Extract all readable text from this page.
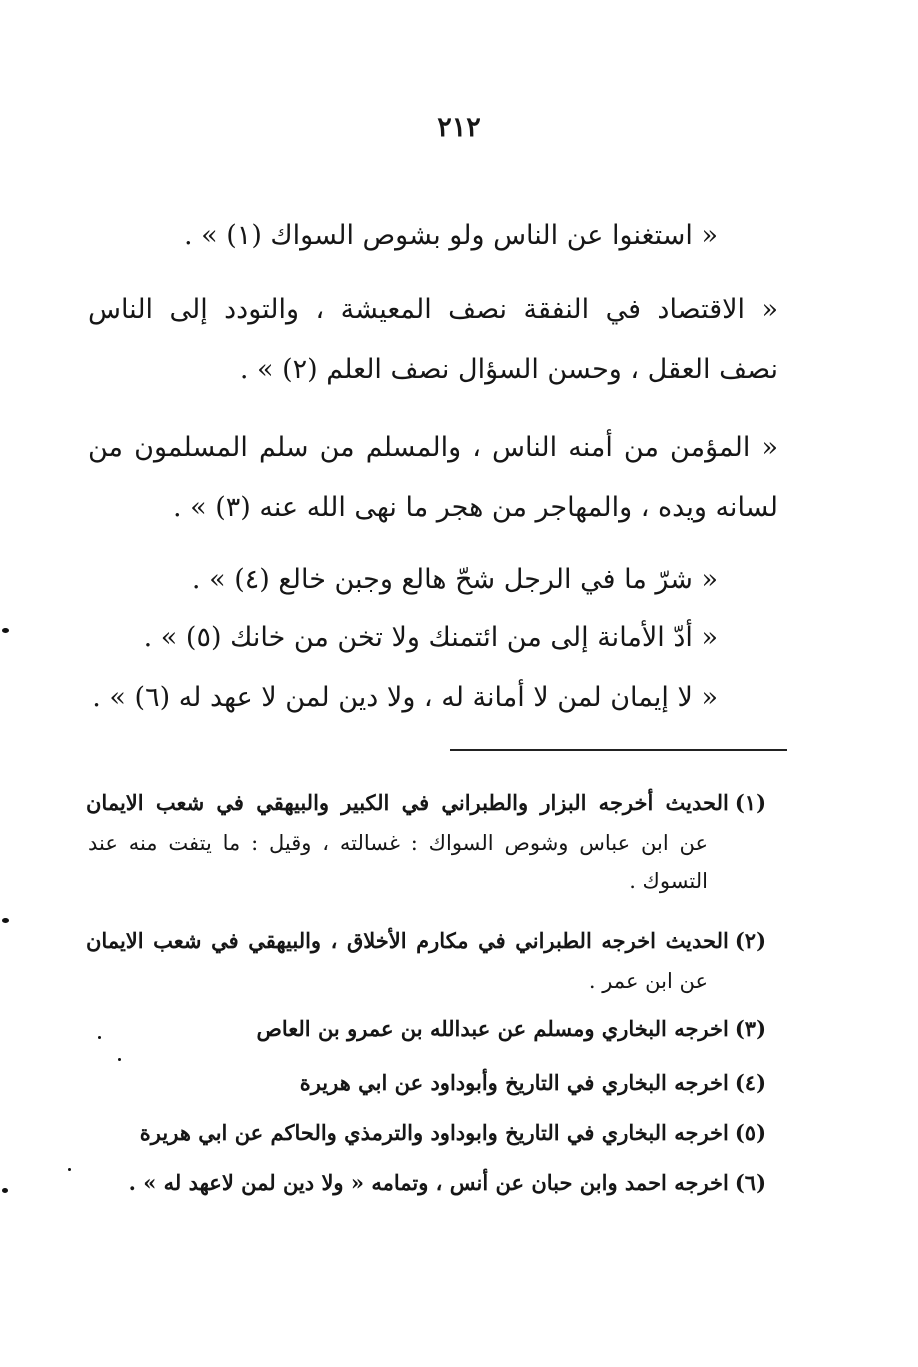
٢١٢
« استغنوا عن الناس ولو بشوص السواك (١) » .
« الاقتصاد في النفقة نصف المعيشة ، والتودد إلى الناس
نصف العقل ، وحسن السؤال نصف العلم (٢) » .
« المؤمن من أمنه الناس ، والمسلم من سلم المسلمون من
لسانه ويده ، والمهاجر من هجر ما نهى الله عنه (٣) » .
« شرّ ما في الرجل شحّ هالع وجبن خالع (٤) » .
« أدّ الأمانة إلى من ائتمنك ولا تخن من خانك (٥) » .
« لا إيمان لمن لا أمانة له ، ولا دين لمن لا عهد له (٦) » .
(١)الحديث أخرجه البزار والطبراني في الكبير والبيهقي في شعب الايمان
عن ابن عباس وشوص السواك : غسالته ، وقيل : ما يتفت منه عند
التسوك .
(٢)الحديث اخرجه الطبراني في مكارم الأخلاق ، والبيهقي في شعب الايمان
عن ابن عمر .
(٣)اخرجه البخاري ومسلم عن عبدالله بن عمرو بن العاص
(٤)اخرجه البخاري في التاريخ وأبوداود عن ابي هريرة
(٥)اخرجه البخاري في التاريخ وابوداود والترمذي والحاكم عن ابي هريرة
(٦)اخرجه احمد وابن حبان عن أنس ، وتمامه « ولا دين لمن لاعهد له » .
